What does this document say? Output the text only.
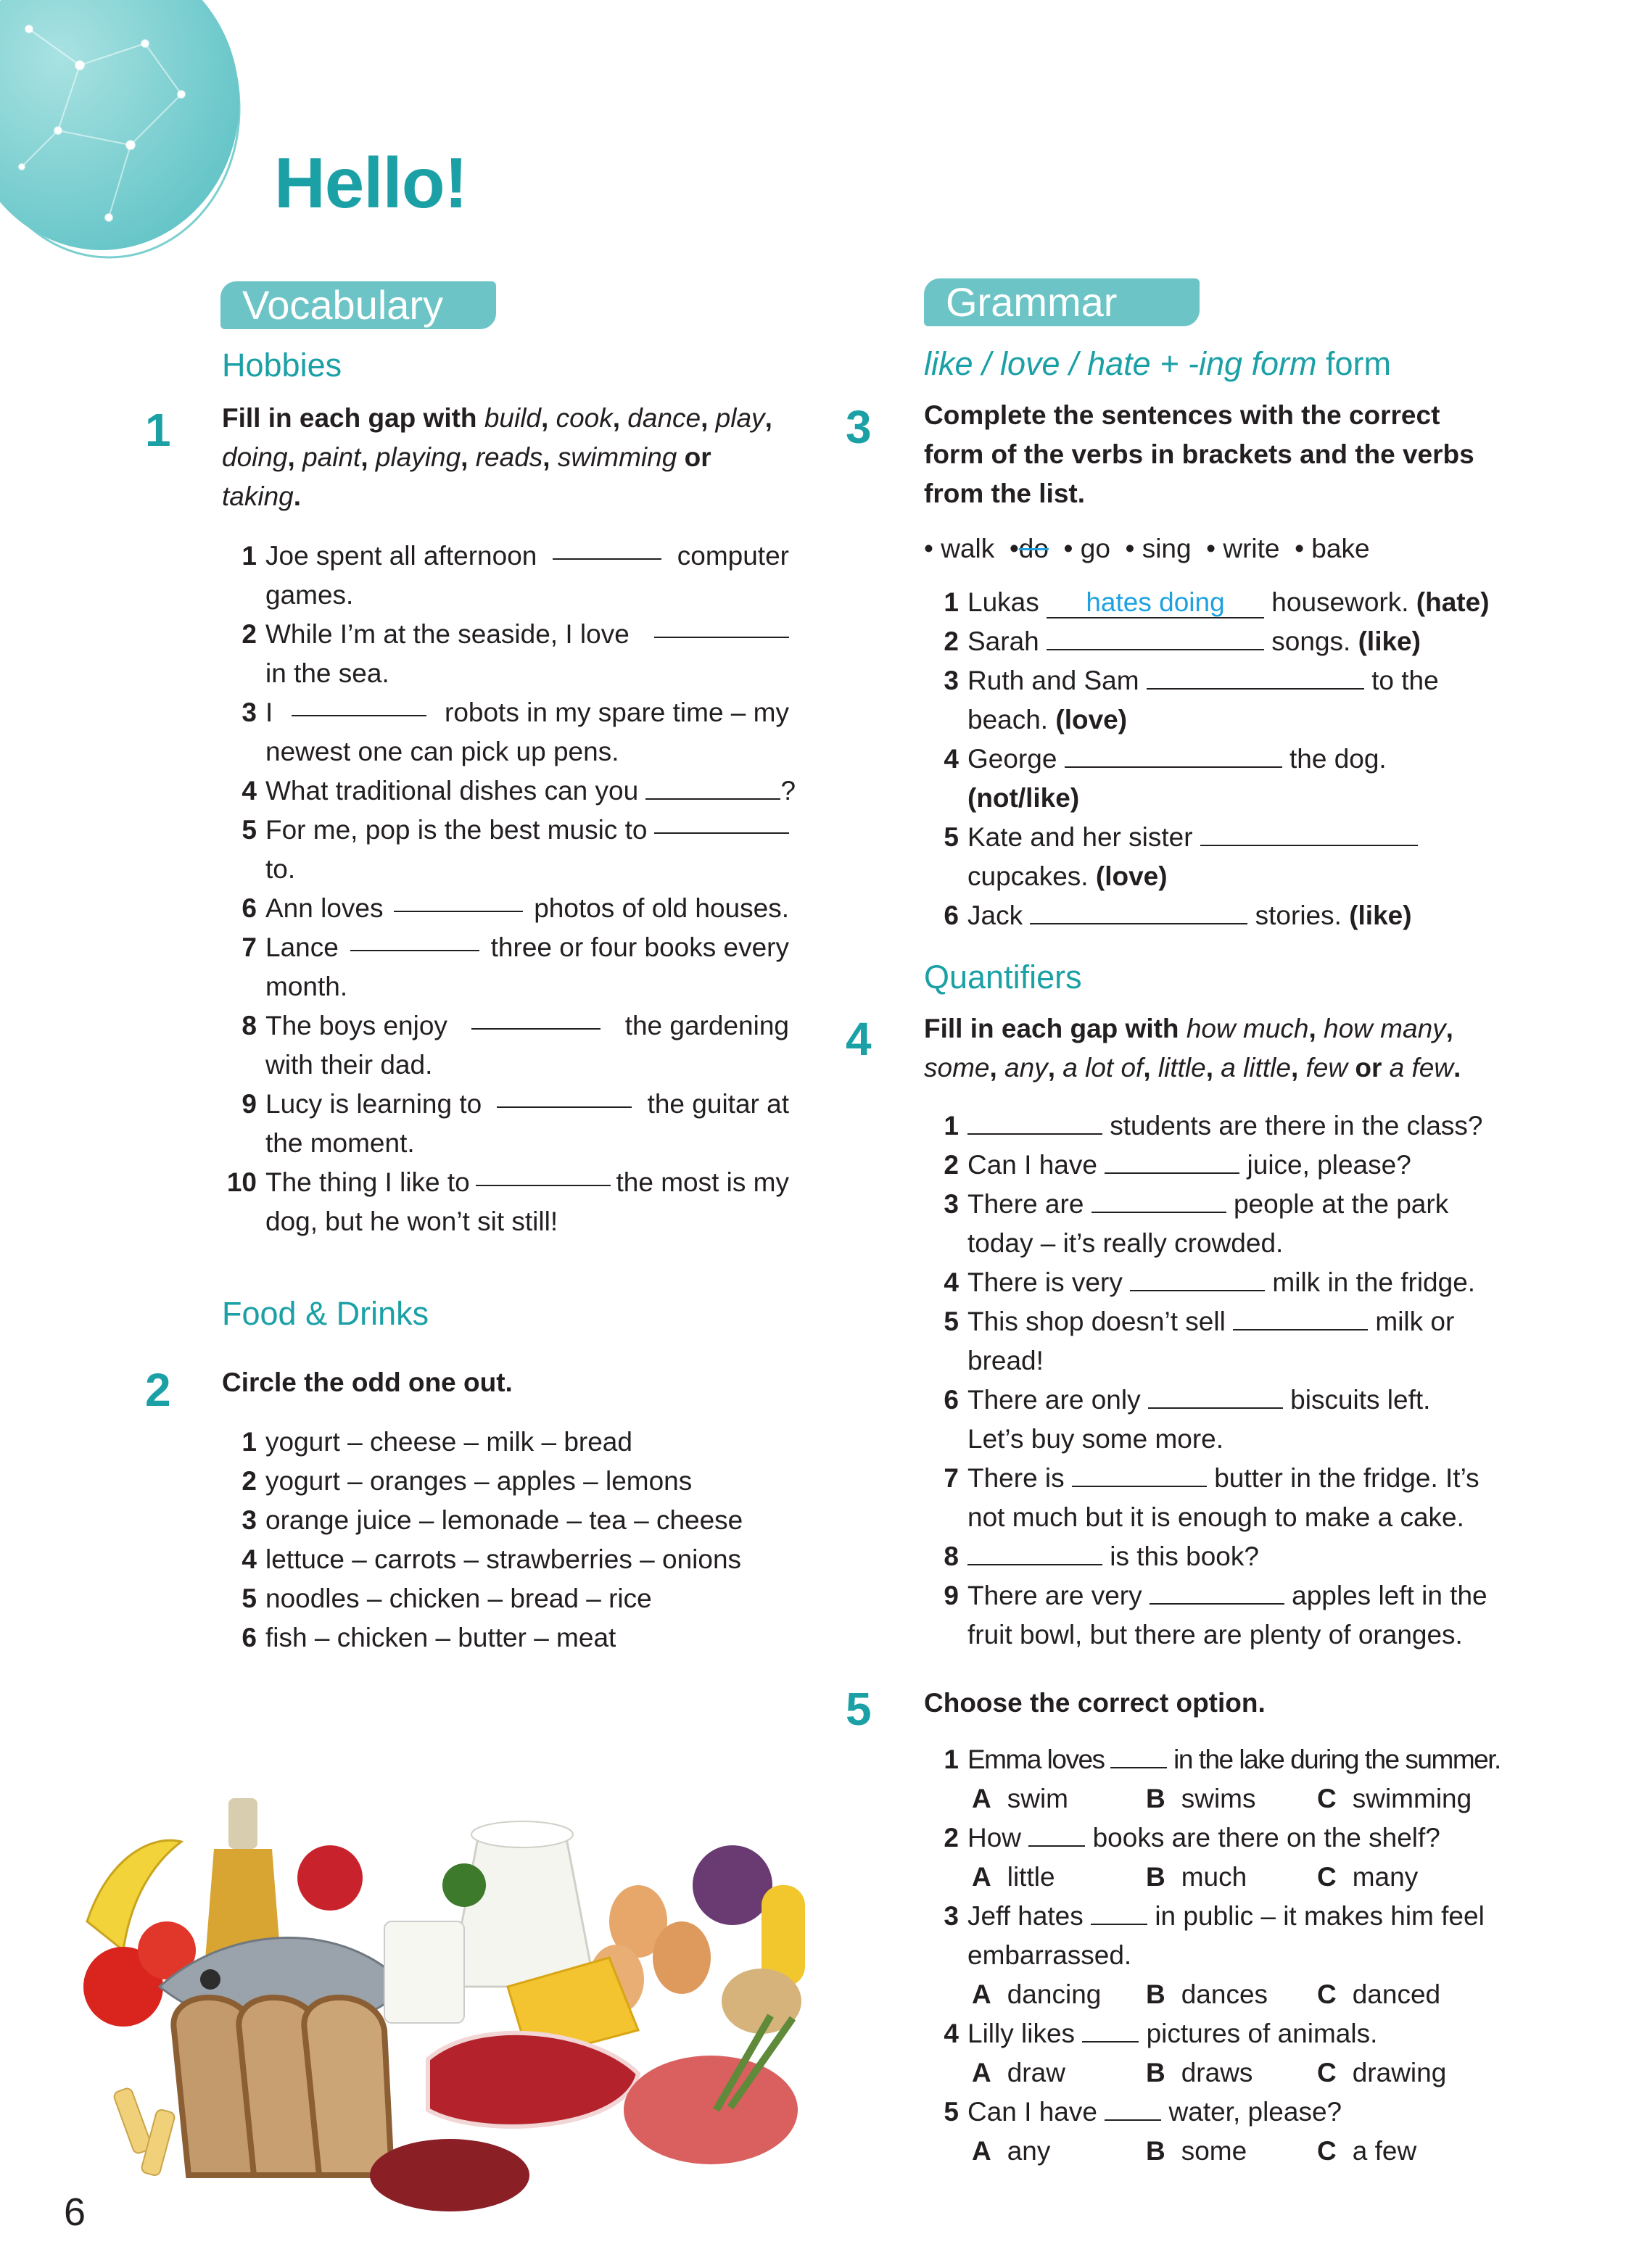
Hello!
Vocabulary
Hobbies
1 Fill in each gap with build, cook, dance, play,
doing, paint, playing, reads, swimming or
taking.
1 Joe spent all afternoon	computer
games.
2 While I’m at the seaside, I love
in the sea.
3 I	robots in my spare time – my
newest one can pick up pens.
4 What traditional dishes can you	?
5 For me, pop is the best music to
to.
6 Ann loves	photos of old houses.
7 Lance	three or four books every
month.
8 The boys enjoy	the gardening
with their dad.
9 Lucy is learning to	the guitar at
the moment.
10 The thing I like to	the most is my
dog, but he won’t sit still!
Food & Drinks
2 Circle the odd one out.
1 yogurt – cheese – milk – bread
2 yogurt – oranges – apples – lemons
3 orange juice – lemonade – tea – cheese
4 lettuce – carrots – strawberries – onions
5 noodles – chicken – bread – rice
6 fish – chicken – butter – meat
6
Grammar
like / love / hate + -ing form form
3 Complete the sentences with the correct
form of the verbs in brackets and the verbs
from the list.
• walk •do • go • sing • write • bake
1 Lukas hates doing housework. (hate)
2 Sarah	songs. (like)
3 Ruth and Sam	to the
beach. (love)
4 George	the dog.
(not/like)
5 Kate and her sister
cupcakes. (love)
6 Jack	stories. (like)
Quantifiers
4 Fill in each gap with how much, how many,
some, any, a lot of, little, a little, few or a few.
1	students are there in the class?
2 Can I have	juice, please?
3 There are	people at the park
today – it’s really crowded.
4 There is very	milk in the fridge.
5 This shop doesn’t sell	milk or
bread!
6 There are only	biscuits left.
Let’s buy some more.
7 There is	butter in the fridge. It’s
not much but it is enough to make a cake.
8	is this book?
9 There are very	apples left in the
fruit bowl, but there are plenty of oranges.
5 Choose the correct option.
1 Emma loves	in the lake during the summer.
A swim	B swims C swimming
2 How	books are there on the shelf?
A little	B much	C many
3 Jeff hates	in public – it makes him feel
embarrassed.
A dancing B dances C danced
4 Lilly likes	pictures of animals.
A draw	B draws C drawing
5 Can I have	water, please?
A any	B some	C a few
